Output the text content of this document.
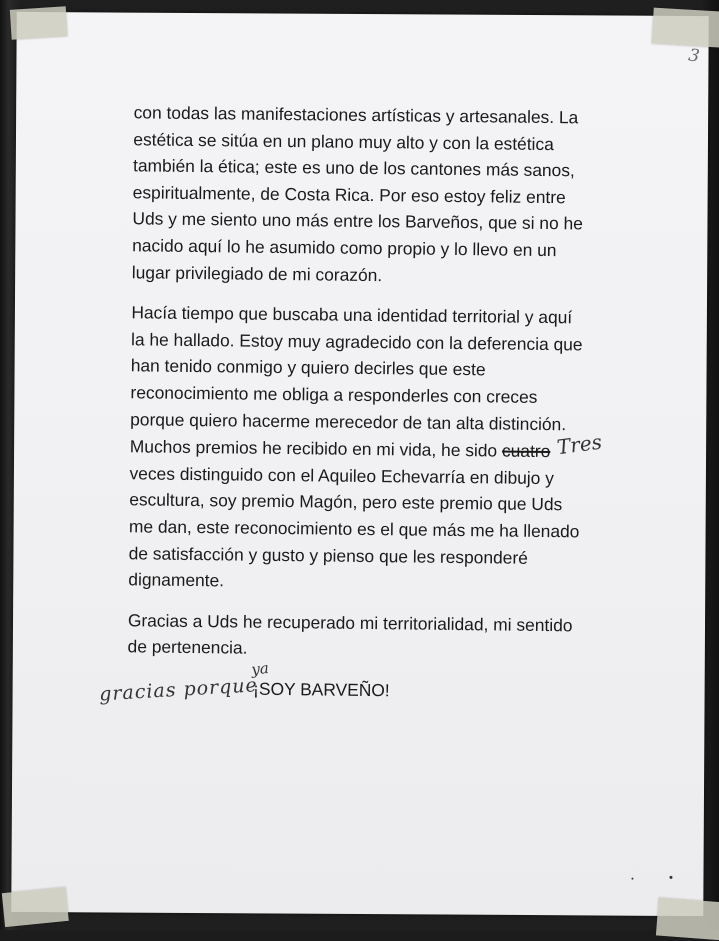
3

con todas las manifestaciones artísticas y artesanales. La
estética se sitúa en un plano muy alto y con la estética
también la ética; este es uno de los cantones más sanos,
espiritualmente, de Costa Rica. Por eso estoy feliz entre
Uds y me siento uno más entre los Barveños, que si no he
nacido aquí lo he asumido como propio y lo llevo en un
lugar privilegiado de mi corazón.

Hacía tiempo que buscaba una identidad territorial y aquí
la he hallado. Estoy muy agradecido con la deferencia que
han tenido conmigo y quiero decirles que este
reconocimiento me obliga a responderles con creces
porque quiero hacerme merecedor de tan alta distinción.
Muchos premios he recibido en mi vida, he sido cuatro Tres
veces distinguido con el Aquileo Echevarría en dibujo y
escultura, soy premio Magón, pero este premio que Uds
me dan, este reconocimiento es el que más me ha llenado
de satisfacción y gusto y pienso que les responderé
dignamente.

Gracias a Uds he recuperado mi territorialidad, mi sentido
de pertenencia.

gracias porque
ya
¡SOY BARVEÑO!
